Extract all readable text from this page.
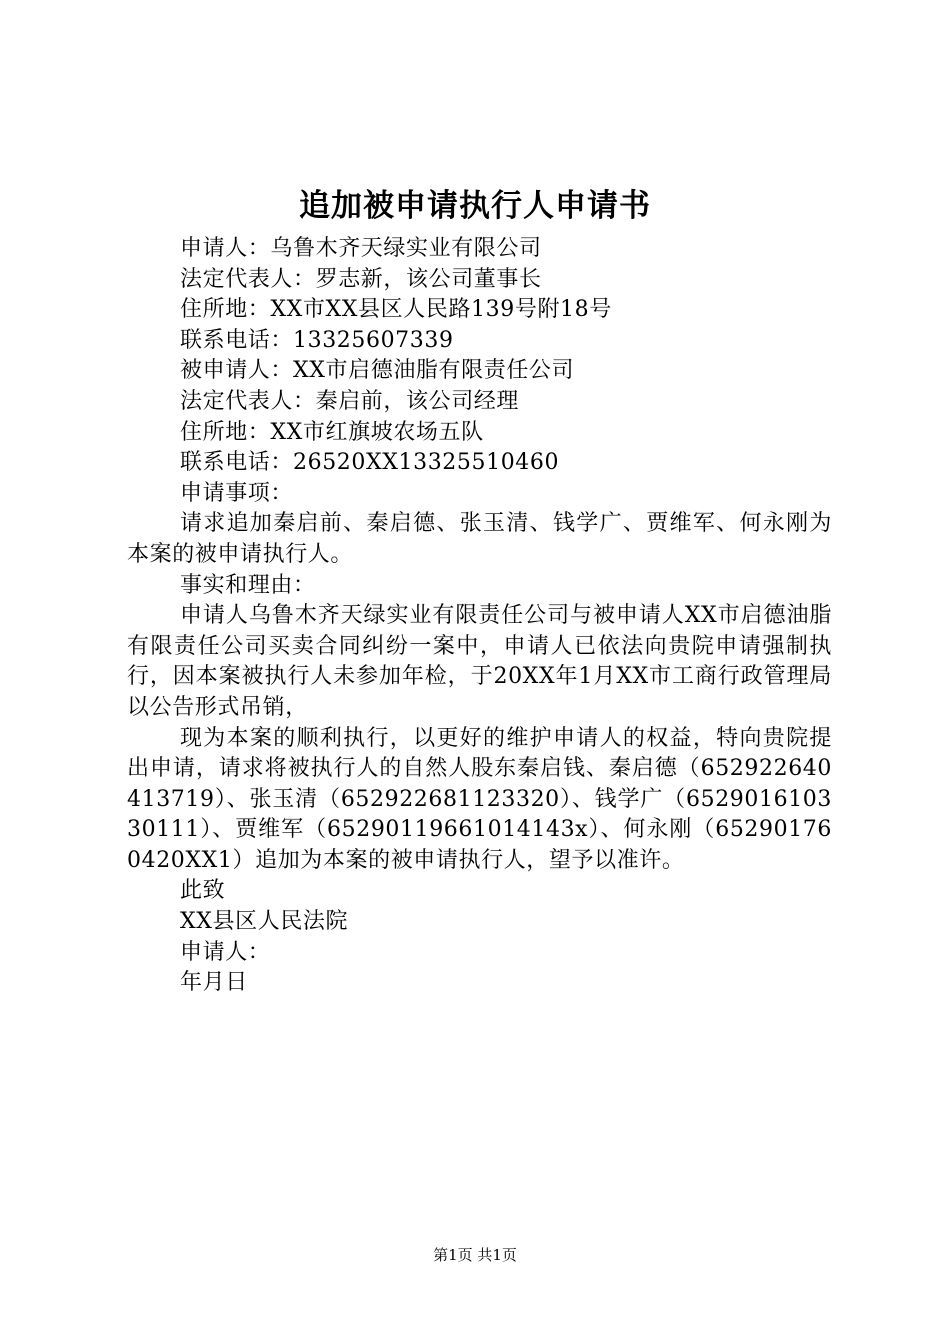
追加被申请执行人申请书

申请人：乌鲁木齐天绿实业有限公司

法定代表人：罗志新，该公司董事长

住所地：XX市XX县区人民路139号附18号

联系电话：13325607339

被申请人：XX市启德油脂有限责任公司

法定代表人：秦启前，该公司经理

住所地：XX市红旗坡农场五队

联系电话：26520XX13325510460

申请事项：

请求追加秦启前、秦启德、张玉清、钱学广、贾维军、何永刚为本案的被申请执行人。

事实和理由：

申请人乌鲁木齐天绿实业有限责任公司与被申请人XX市启德油脂有限责任公司买卖合同纠纷一案中，申请人已依法向贵院申请强制执行，因本案被执行人未参加年检，于20XX年1月XX市工商行政管理局以公告形式吊销，

现为本案的顺利执行，以更好的维护申请人的权益，特向贵院提出申请，请求将被执行人的自然人股东秦启钱、秦启德（652922640413719）、张玉清（652922681123320）、钱学广（652901610330111）、贾维军（65290119661014143x）、何永刚（652901760420XX1）追加为本案的被申请执行人，望予以准许。

此致

XX县区人民法院

申请人：

年月日

第1页 共1页
